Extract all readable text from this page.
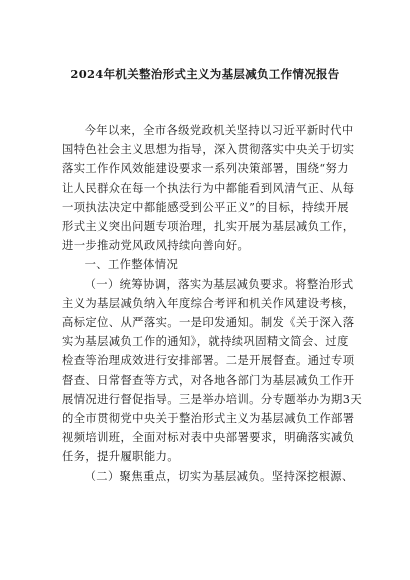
2024年机关整治形式主义为基层减负工作情况报告

今年以来，全市各级党政机关坚持以习近平新时代中
国特色社会主义思想为指导，深入贯彻落实中央关于切实
落实工作作风效能建设要求一系列决策部署，围绕“努力
让人民群众在每一个执法行为中都能看到风清气正、从每
一项执法决定中都能感受到公平正义”的目标，持续开展
形式主义突出问题专项治理，扎实开展为基层减负工作，
进一步推动党风政风持续向善向好。

一、工作整体情况

（一）统筹协调，落实为基层减负要求。将整治形式
主义为基层减负纳入年度综合考评和机关作风建设考核，
高标定位、从严落实。一是印发通知。制发《关于深入落
实为基层减负工作的通知》，就持续巩固精文简会、过度
检查等治理成效进行安排部署。二是开展督查。通过专项
督查、日常督查等方式，对各地各部门为基层减负工作开
展情况进行督促指导。三是举办培训。分专题举办为期3天
的全市贯彻党中央关于整治形式主义为基层减负工作部署
视频培训班，全面对标对表中央部署要求，明确落实减负
任务，提升履职能力。

（二）聚焦重点，切实为基层减负。坚持深挖根源、
